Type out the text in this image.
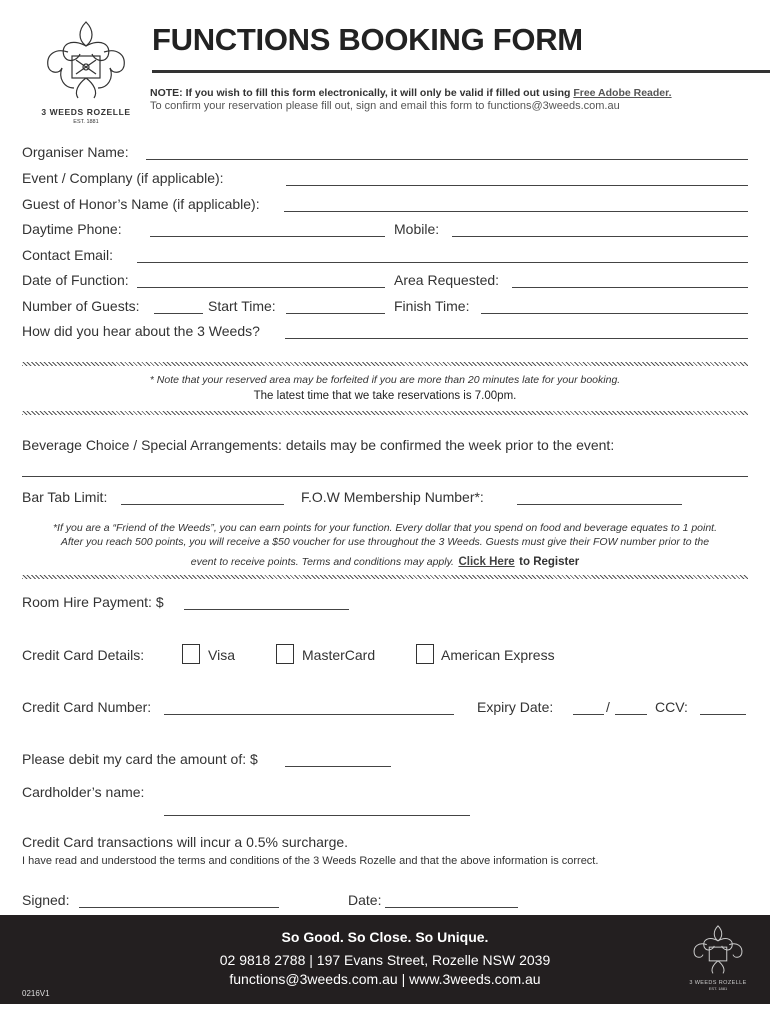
3 WEEDS ROZELLE
EST. 1881
FUNCTIONS BOOKING FORM
NOTE: If you wish to fill this form electronically, it will only be valid if filled out using Free Adobe Reader.
To confirm your reservation please fill out, sign and email this form to functions@3weeds.com.au
Organiser Name:
Event / Complany (if applicable):
Guest of Honor’s Name (if applicable):
Daytime Phone:	Mobile:
Contact Email:
Date of Function:	Area Requested:
Number of Guests:	Start Time:	Finish Time:
How did you hear about the 3 Weeds?
* Note that your reserved area may be forfeited if you are more than 20 minutes late for your booking.
The latest time that we take reservations is 7.00pm.
Beverage Choice / Special Arrangements: details may be confirmed the week prior to the event:
Bar Tab Limit:	F.O.W Membership Number*:
*If you are a “Friend of the Weeds”, you can earn points for your function. Every dollar that you spend on food and beverage equates to 1 point.
After you reach 500 points, you will receive a $50 voucher for use throughout the 3 Weeds. Guests must give their FOW number prior to the
event to receive points. Terms and conditions may apply. Click Here to Register
Room Hire Payment: $
Credit Card Details:	Visa	MasterCard	American Express
Credit Card Number:	Expiry Date:	/	CCV:
Please debit my card the amount of: $
Cardholder’s name:
Credit Card transactions will incur a 0.5% surcharge.
I have read and understood the terms and conditions of the 3 Weeds Rozelle and that the above information is correct.
Signed:	Date:
So Good. So Close. So Unique.
02 9818 2788 | 197 Evans Street, Rozelle NSW 2039
functions@3weeds.com.au | www.3weeds.com.au
0216V1
3 WEEDS ROZELLE
EST. 1881
